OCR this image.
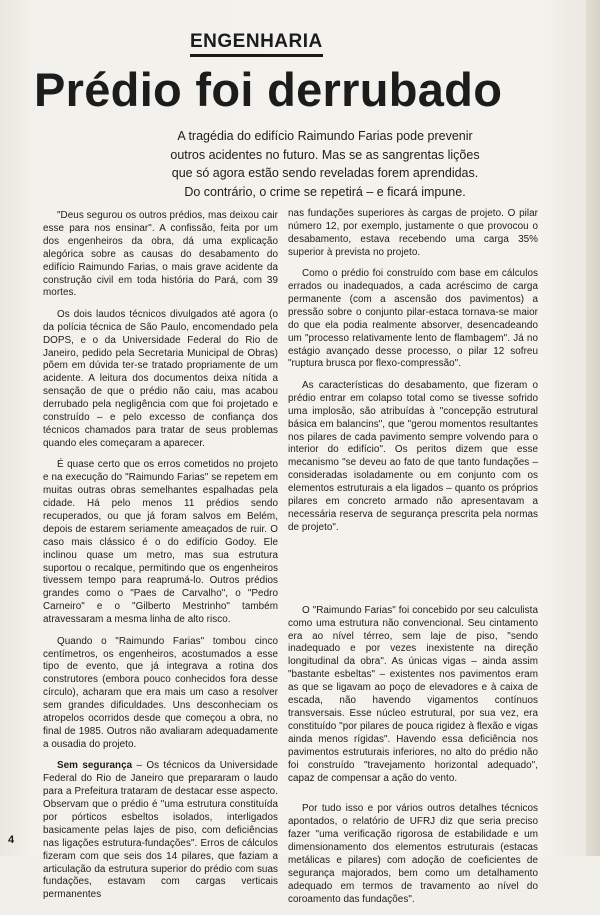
ENGENHARIA
Prédio foi derrubado
A tragédia do edifício Raimundo Farias pode prevenir
outros acidentes no futuro. Mas se as sangrentas lições
que só agora estão sendo reveladas forem aprendidas.
Do contrário, o crime se repetirá – e ficará impune.

"Deus segurou os outros prédios, mas deixou cair esse para nos ensinar". A confissão, feita por um dos engenheiros da obra, dá uma explicação alegórica sobre as causas do desabamento do edifício Raimundo Farias, o mais grave acidente da construção civil em toda história do Pará, com 39 mortes.

Os dois laudos técnicos divulgados até agora (o da polícia técnica de São Paulo, encomendado pela DOPS, e o da Universidade Federal do Rio de Janeiro, pedido pela Secretaria Municipal de Obras) põem em dúvida ter-se tratado propriamente de um acidente. A leitura dos documentos deixa nítida a sensação de que o prédio não caiu, mas acabou derrubado pela negligência com que foi projetado e construído – e pelo excesso de confiança dos técnicos chamados para tratar de seus problemas quando eles começaram a aparecer.

É quase certo que os erros cometidos no projeto e na execução do "Raimundo Farias" se repetem em muitas outras obras semelhantes espalhadas pela cidade. Há pelo menos 11 prédios sendo recuperados, ou que já foram salvos em Belém, depois de estarem seriamente ameaçados de ruir. O caso mais clássico é o do edifício Godoy. Ele inclinou quase um metro, mas sua estrutura suportou o recalque, permitindo que os engenheiros tivessem tempo para reaprumá-lo. Outros prédios grandes como o "Paes de Carvalho", o "Pedro Carneiro" e o "Gilberto Mestrinho" também atravessaram a mesma linha de alto risco.

Quando o "Raimundo Farias" tombou cinco centímetros, os engenheiros, acostumados a esse tipo de evento, que já integrava a rotina dos construtores (embora pouco conhecidos fora desse círculo), acharam que era mais um caso a resolver sem grandes dificuldades. Uns desconheciam os atropelos ocorridos desde que começou a obra, no final de 1985. Outros não avaliaram adequadamente a ousadia do projeto.

Sem segurança – Os técnicos da Universidade Federal do Rio de Janeiro que prepararam o laudo para a Prefeitura trataram de destacar esse aspecto. Observam que o prédio é "uma estrutura constituída por pórticos esbeltos isolados, interligados basicamente pelas lajes de piso, com deficiências nas ligações estrutura-fundações". Erros de cálculos fizeram com que seis dos 14 pilares, que faziam a articulação da estrutura superior do prédio com suas fundações, estavam com cargas verticais permanentes

nas fundações superiores às cargas de projeto. O pilar número 12, por exemplo, justamente o que provocou o desabamento, estava recebendo uma carga 35% superior à prevista no projeto.

Como o prédio foi construído com base em cálculos errados ou inadequados, a cada acréscimo de carga permanente (com a ascensão dos pavimentos) a pressão sobre o conjunto pilar-estaca tornava-se maior do que ela podia realmente absorver, desencadeando um "processo relativamente lento de flambagem". Já no estágio avançado desse processo, o pilar 12 sofreu "ruptura brusca por flexo-compressão".

As características do desabamento, que fizeram o prédio entrar em colapso total como se tivesse sofrido uma implosão, são atribuídas à "concepção estrutural básica em balancins", que "gerou momentos resultantes nos pilares de cada pavimento sempre volvendo para o interior do edifício". Os peritos dizem que esse mecanismo "se deveu ao fato de que tanto fundações – consideradas isoladamente ou em conjunto com os elementos estruturais a ela ligados – quanto os próprios pilares em concreto armado não apresentavam a necessária reserva de segurança prescrita pela normas de projeto".

O "Raimundo Farias" foi concebido por seu calculista como uma estrutura não convencional. Seu cintamento era ao nível térreo, sem laje de piso, "sendo inadequado e por vezes inexistente na direção longitudinal da obra". As únicas vigas – ainda assim "bastante esbeltas" – existentes nos pavimentos eram as que se ligavam ao poço de elevadores e à caixa de escada, não havendo vigamentos contínuos transversais. Esse núcleo estrutural, por sua vez, era constituído "por pilares de pouca rigidez à flexão e vigas ainda menos rígidas". Havendo essa deficiência nos pavimentos estruturais inferiores, no alto do prédio não foi construído "travejamento horizontal adequado", capaz de compensar a ação do vento.

Por tudo isso e por vários outros detalhes técnicos apontados, o relatório de UFRJ diz que seria preciso fazer "uma verificação rigorosa de estabilidade e um dimensionamento dos elementos estruturais (estacas metálicas e pilares) com adoção de coeficientes de segurança majorados, bem como um detalhamento adequado em termos de travamento ao nível do coroamento das fundações".

4
